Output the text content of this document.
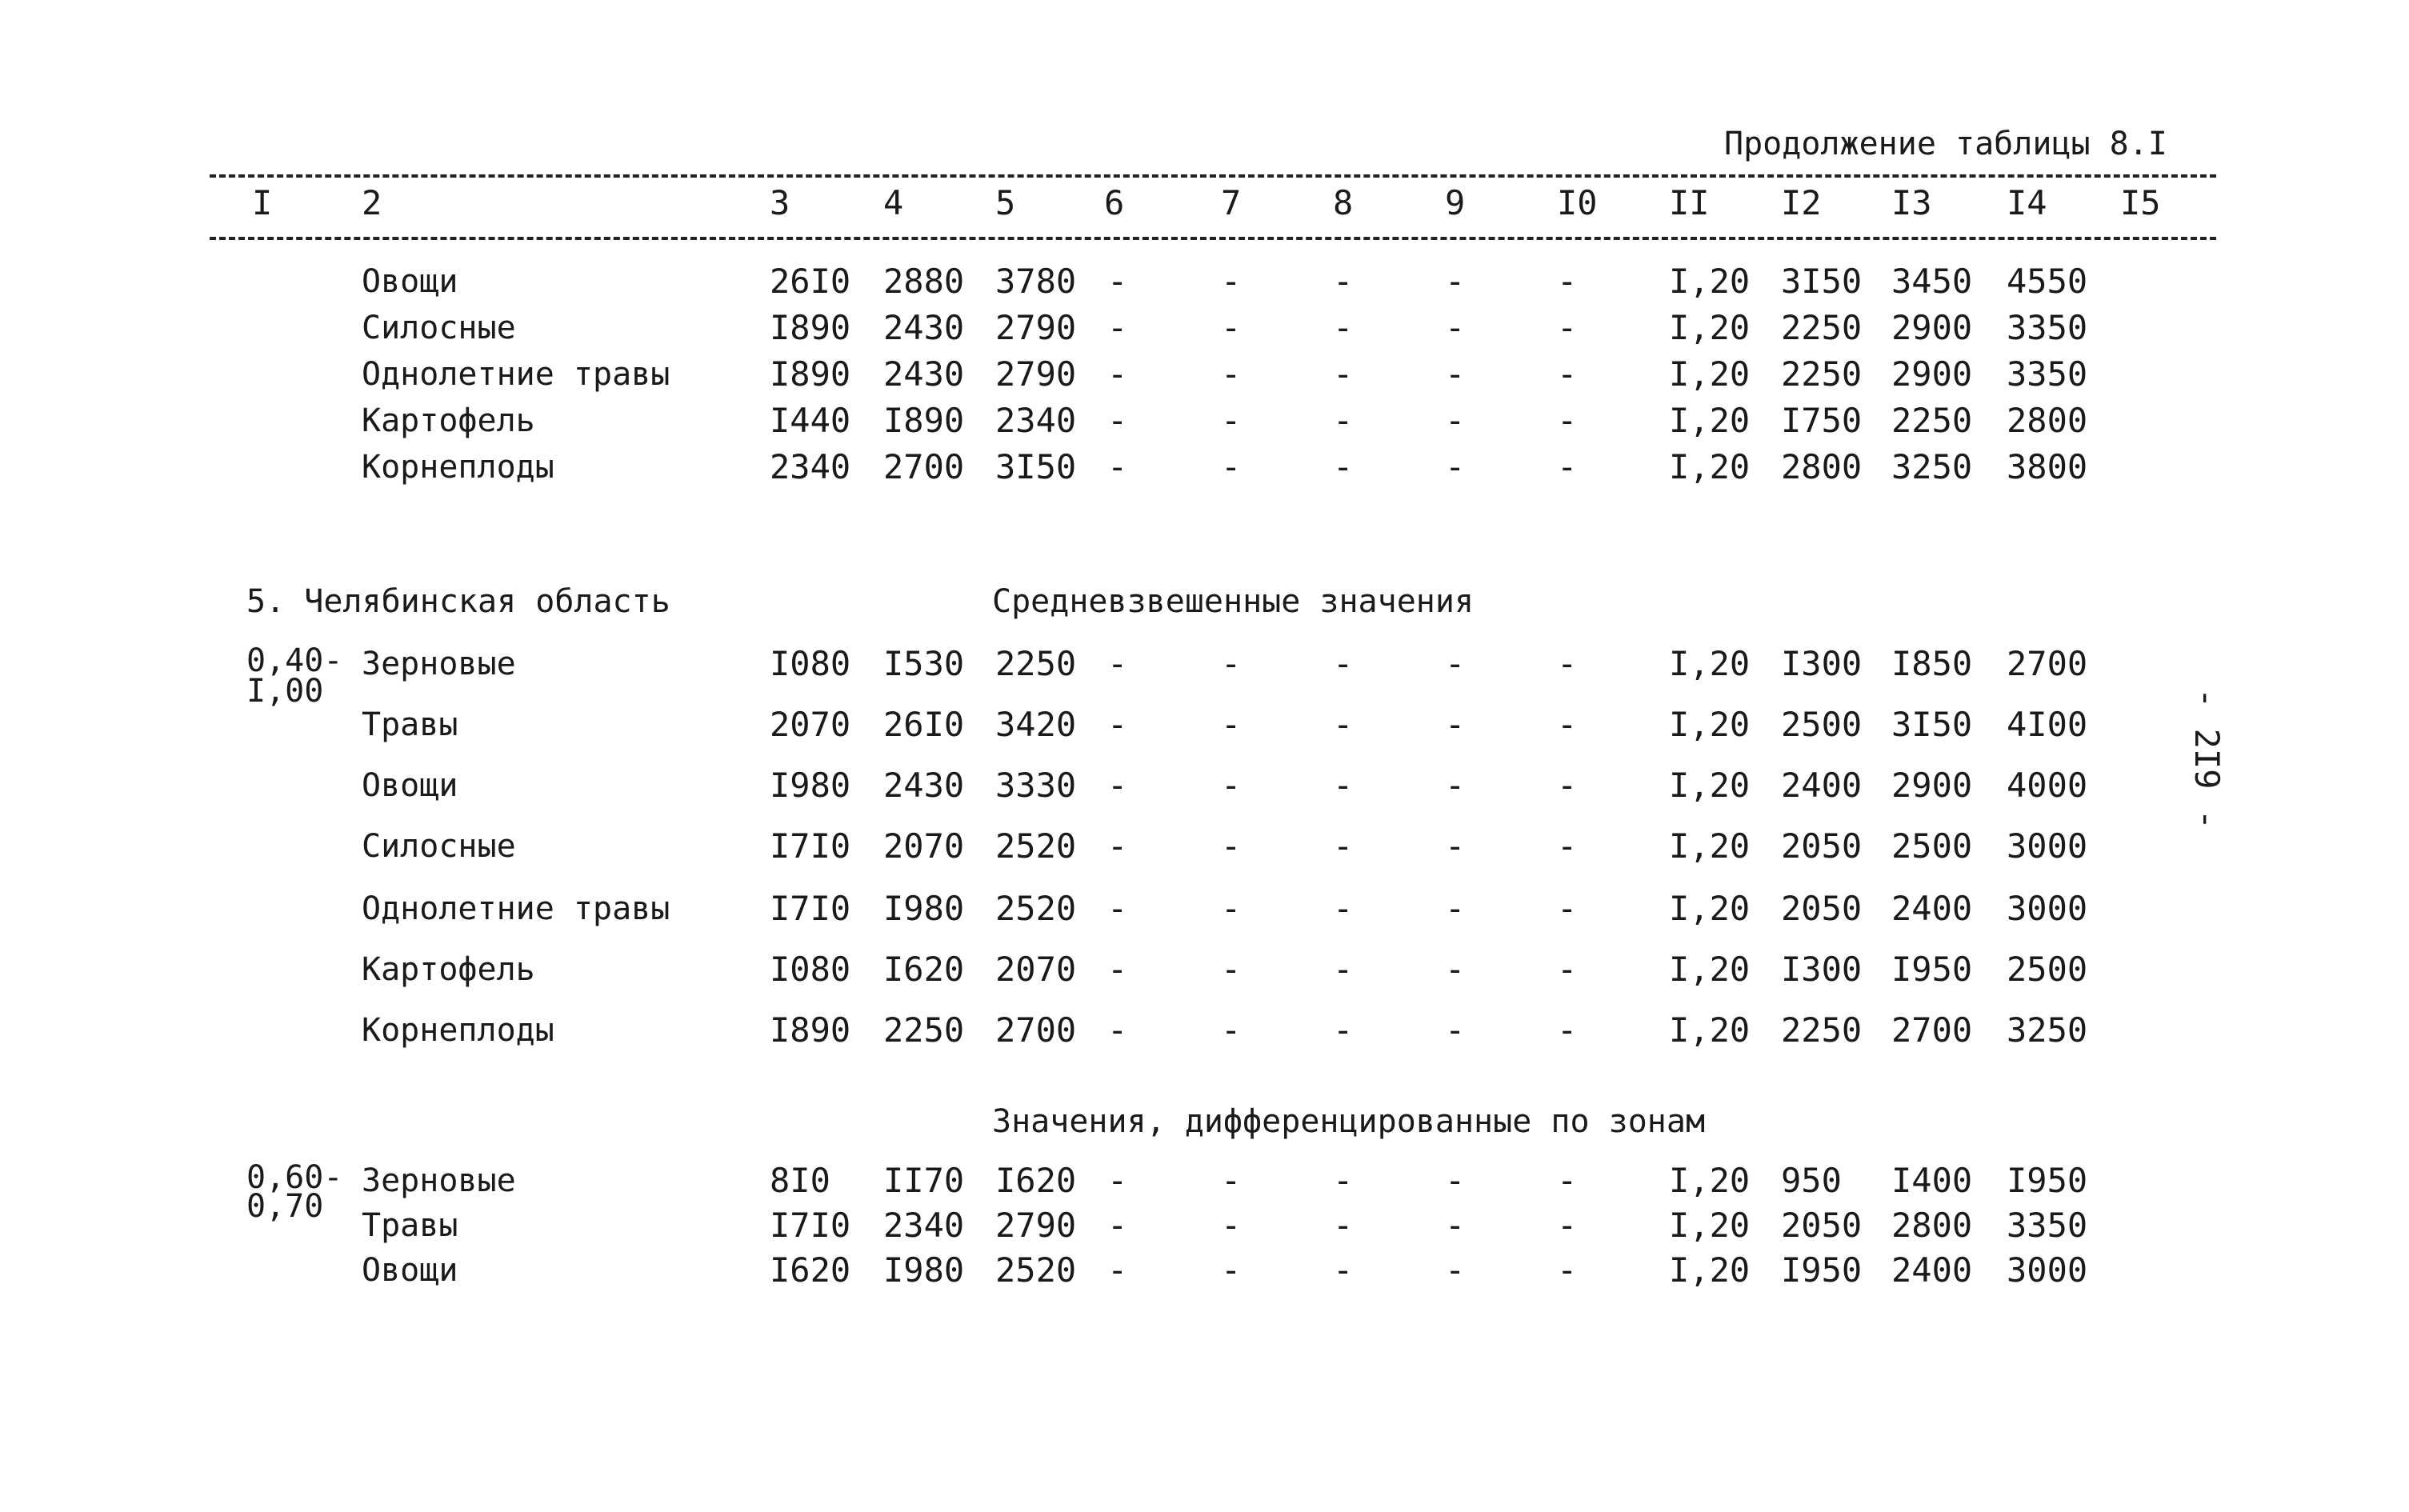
Продолжение таблицы 8.I
I	2	3	4	5	6	7	8	9	I0 II I2 I3 I4 I5
Овощи	26I0 2880 3780 -	-	-	-	-	I,20 3I50 3450 4550
Силосные	I890 2430 2790 -	-	-	-	-	I,20 2250 2900 3350
Однолетние травы	I890 2430 2790 -	-	-	-	-	I,20 2250 2900 3350
Картофель	I440 I890 2340 -	-	-	-	-	I,20 I750 2250 2800
Корнеплоды	2340 2700 3I50 -	-	-	-	-	I,20 2800 3250 3800
5. Челябинская область	Средневзвешенные значения
0,40-
I,00
Зерновые	I080 I530 2250 -	-	-	-	-	I,20 I300 I850 2700
Травы	2070 26I0 3420 -	-	-	-	-	I,20 2500 3I50 4I00
Овощи	I980 2430 3330 -	-	-	-	-	I,20 2400 2900 4000
Силосные	I7I0 2070 2520 -	-	-	-	-	I,20 2050 2500 3000
Однолетние травы	I7I0 I980 2520 -	-	-	-	-	I,20 2050 2400 3000
Картофель	I080 I620 2070 -	-	-	-	-	I,20 I300 I950 2500
Корнеплоды	I890 2250 2700 -	-	-	-	-	I,20 2250 2700 3250
Значения, дифференцированные по зонам
0,60-
0,70
Зерновые	8I0 II70 I620 -	-	-	-	-	I,20 950 I400 I950
Травы	I7I0 2340 2790 -	-	-	-	-	I,20 2050 2800 3350
Овощи	I620 I980 2520 -	-	-	-	-	I,20 I950 2400 3000
- 2I9 -
